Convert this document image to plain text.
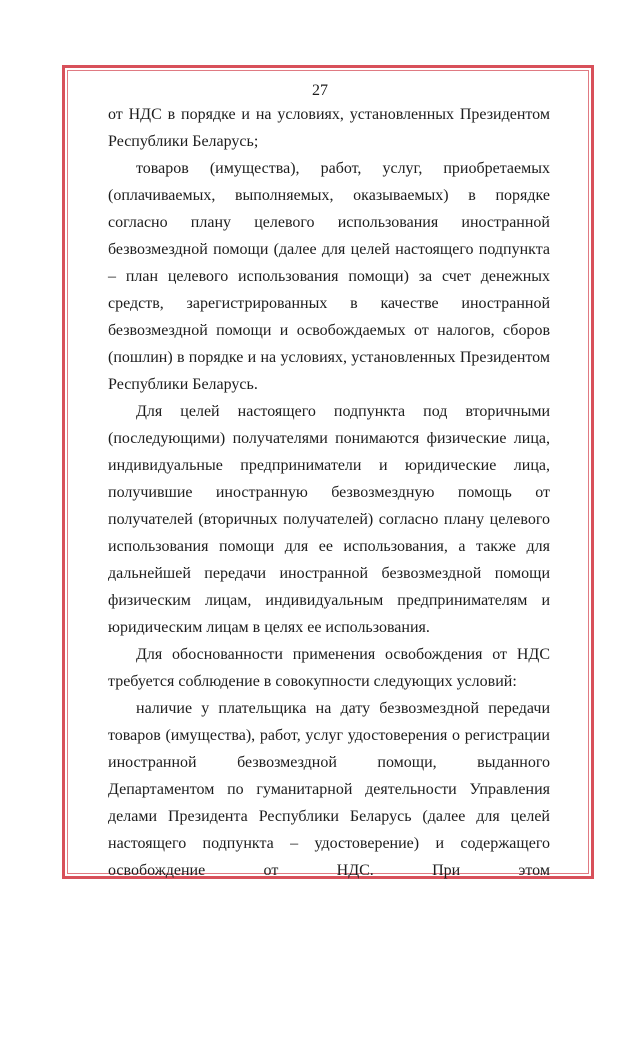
27

от НДС в порядке и на условиях, установленных Президентом Республики Беларусь;

товаров (имущества), работ, услуг, приобретаемых (оплачиваемых, выполняемых, оказываемых) в порядке согласно плану целевого использования иностранной безвозмездной помощи (далее для целей настоящего подпункта – план целевого использования помощи) за счет денежных средств, зарегистрированных в качестве иностранной безвозмездной помощи и освобождаемых от налогов, сборов (пошлин) в порядке и на условиях, установленных Президентом Республики Беларусь.

Для целей настоящего подпункта под вторичными (последующими) получателями понимаются физические лица, индивидуальные предприниматели и юридические лица, получившие иностранную безвозмездную помощь от получателей (вторичных получателей) согласно плану целевого использования помощи для ее использования, а также для дальнейшей передачи иностранной безвозмездной помощи физическим лицам, индивидуальным предпринимателям и юридическим лицам в целях ее использования.

Для обоснованности применения освобождения от НДС требуется соблюдение в совокупности следующих условий:

наличие у плательщика на дату безвозмездной передачи товаров (имущества), работ, услуг удостоверения о регистрации иностранной безвозмездной помощи, выданного Департаментом по гуманитарной деятельности Управления делами Президента Республики Беларусь (далее для целей настоящего подпункта – удостоверение) и содержащего освобождение от НДС. При этом
